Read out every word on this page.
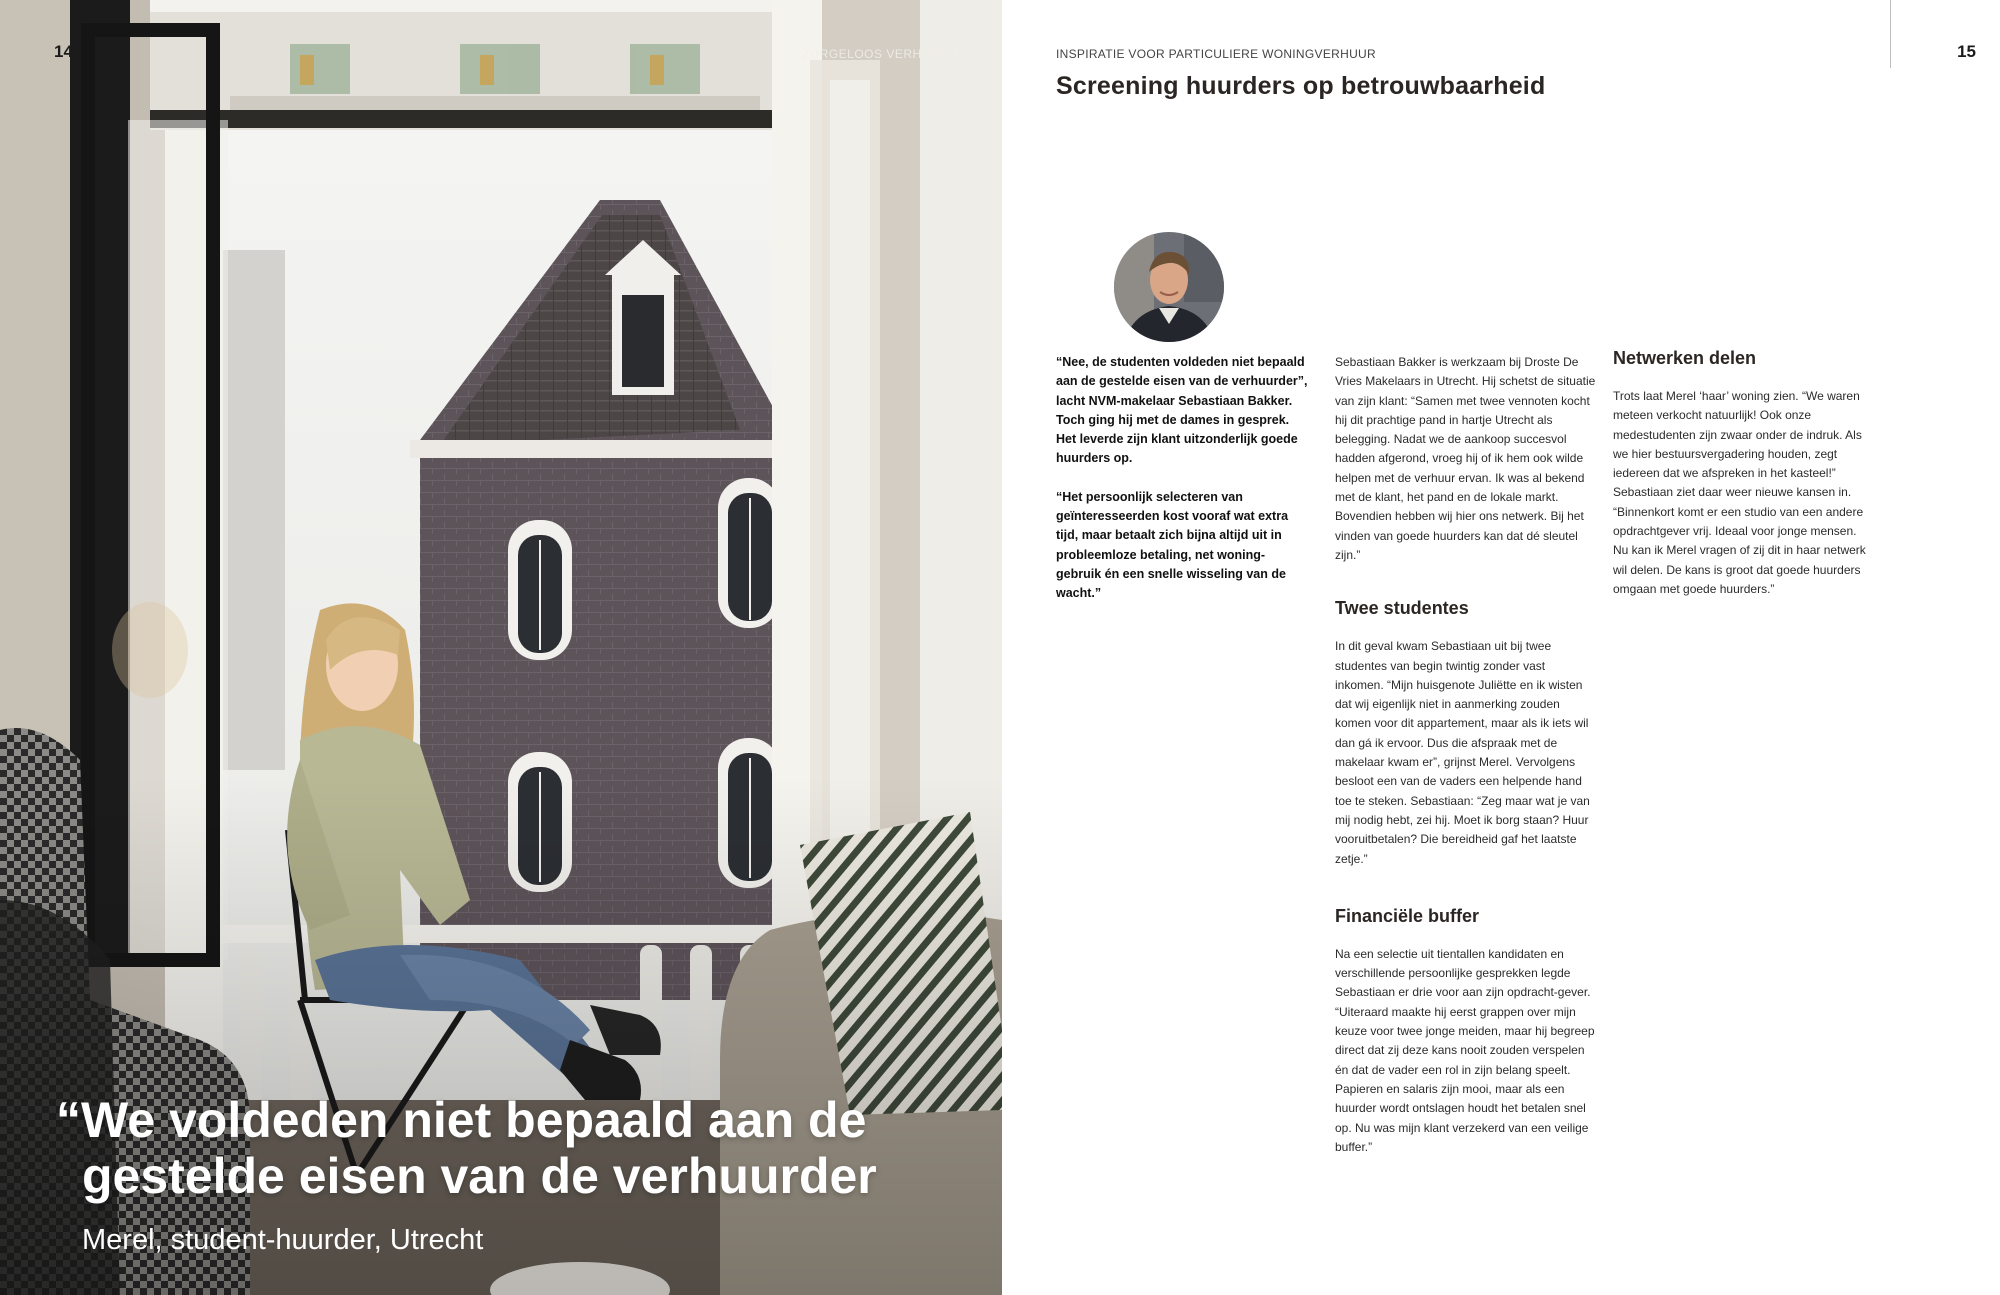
14	ZORGELOOS VERHUREN
“We voldeden niet bepaald aan de
gestelde eisen van de verhuurder
Merel, student-huurder, Utrecht
INSPIRATIE VOOR PARTICULIERE WONINGVERHUUR	15
Screening huurders op betrouwbaarheid

“Nee, de studenten voldeden niet bepaald aan de gestelde eisen van de verhuurder”, lacht NVM-makelaar Sebastiaan Bakker. Toch ging hij met de dames in gesprek. Het leverde zijn klant uitzonderlijk goede huurders op.

“Het persoonlijk selecteren van geïnteresseerden kost vooraf wat extra tijd, maar betaalt zich bijna altijd uit in probleemloze betaling, net woning-gebruik én een snelle wisseling van de wacht.”

Sebastiaan Bakker is werkzaam bij Droste De Vries Makelaars in Utrecht. Hij schetst de situatie van zijn klant: “Samen met twee vennoten kocht hij dit prachtige pand in hartje Utrecht als belegging. Nadat we de aankoop succesvol hadden afgerond, vroeg hij of ik hem ook wilde helpen met de verhuur ervan. Ik was al bekend met de klant, het pand en de lokale markt. Bovendien hebben wij hier ons netwerk. Bij het vinden van goede huurders kan dat dé sleutel zijn.”

Twee studentes

In dit geval kwam Sebastiaan uit bij twee studentes van begin twintig zonder vast inkomen. “Mijn huisgenote Juliëtte en ik wisten dat wij eigenlijk niet in aanmerking zouden komen voor dit appartement, maar als ik iets wil dan gá ik ervoor. Dus die afspraak met de makelaar kwam er”, grijnst Merel. Vervolgens besloot een van de vaders een helpende hand toe te steken. Sebastiaan: “Zeg maar wat je van mij nodig hebt, zei hij. Moet ik borg staan? Huur vooruitbetalen? Die bereidheid gaf het laatste zetje.”

Financiële buffer

Na een selectie uit tientallen kandidaten en verschillende persoonlijke gesprekken legde Sebastiaan er drie voor aan zijn opdracht-gever. “Uiteraard maakte hij eerst grappen over mijn keuze voor twee jonge meiden, maar hij begreep direct dat zij deze kans nooit zouden verspelen én dat de vader een rol in zijn belang speelt. Papieren en salaris zijn mooi, maar als een huurder wordt ontslagen houdt het betalen snel op. Nu was mijn klant verzekerd van een veilige buffer.”

Netwerken delen

Trots laat Merel ‘haar’ woning zien. “We waren meteen verkocht natuurlijk! Ook onze medestudenten zijn zwaar onder de indruk. Als we hier bestuursvergadering houden, zegt iedereen dat we afspreken in het kasteel!” Sebastiaan ziet daar weer nieuwe kansen in. “Binnenkort komt er een studio van een andere opdrachtgever vrij. Ideaal voor jonge mensen. Nu kan ik Merel vragen of zij dit in haar netwerk wil delen. De kans is groot dat goede huurders omgaan met goede huurders.”
